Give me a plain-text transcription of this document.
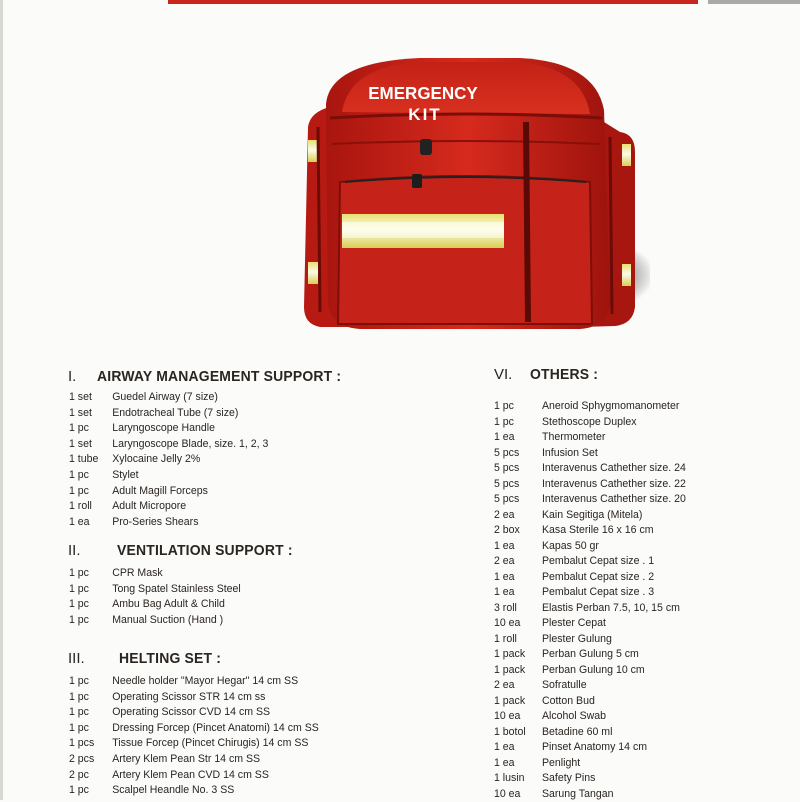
EMERGENCY
KIT
I. AIRWAY MANAGEMENT SUPPORT :
1 set Guedel Airway (7 size)
1 set Endotracheal Tube (7 size)
1 pc Laryngoscope Handle
1 set Laryngoscope Blade, size. 1, 2, 3
1 tube Xylocaine Jelly 2%
1 pc Stylet
1 pc Adult Magill Forceps
1 roll Adult Micropore
1 ea Pro-Series Shears
II. VENTILATION SUPPORT :
1 pc CPR Mask
1 pc Tong Spatel Stainless Steel
1 pc Ambu Bag Adult & Child
1 pc Manual Suction (Hand )
III. HELTING SET :
1 pc Needle holder "Mayor Hegar" 14 cm SS
1 pc Operating Scissor STR 14 cm ss
1 pc Operating Scissor CVD 14 cm SS
1 pc Dressing Forcep (Pincet Anatomi) 14 cm SS
1 pcs Tissue Forcep (Pincet Chirugis) 14 cm SS
2 pcs Artery Klem Pean Str 14 cm SS
2 pc Artery Klem Pean CVD 14 cm SS
1 pc Scalpel Heandle No. 3 SS
VI. OTHERS :
1 pc	Aneroid Sphygmomanometer
1 pc	Stethoscope Duplex
1 ea Thermometer
5 pcs Infusion Set
5 pcs Interavenus Cathether size. 24
5 pcs Interavenus Cathether size. 22
5 pcs Interavenus Cathether size. 20
2 ea Kain Segitiga (Mitela)
2 box Kasa Sterile 16 x 16 cm
1 ea Kapas 50 gr
2 ea Pembalut Cepat size . 1
1 ea Pembalut Cepat size . 2
1 ea Pembalut Cepat size . 3
3 roll Elastis Perban 7.5, 10, 15 cm
10 ea Plester Cepat
1 roll Plester Gulung
1 pack Perban Gulung 5 cm
1 pack Perban Gulung 10 cm
2 ea Sofratulle
1 pack Cotton Bud
10 ea Alcohol Swab
1 botol Betadine 60 ml
1 ea Pinset Anatomy 14 cm
1 ea Penlight
1 lusin Safety Pins
10 ea Sarung Tangan
